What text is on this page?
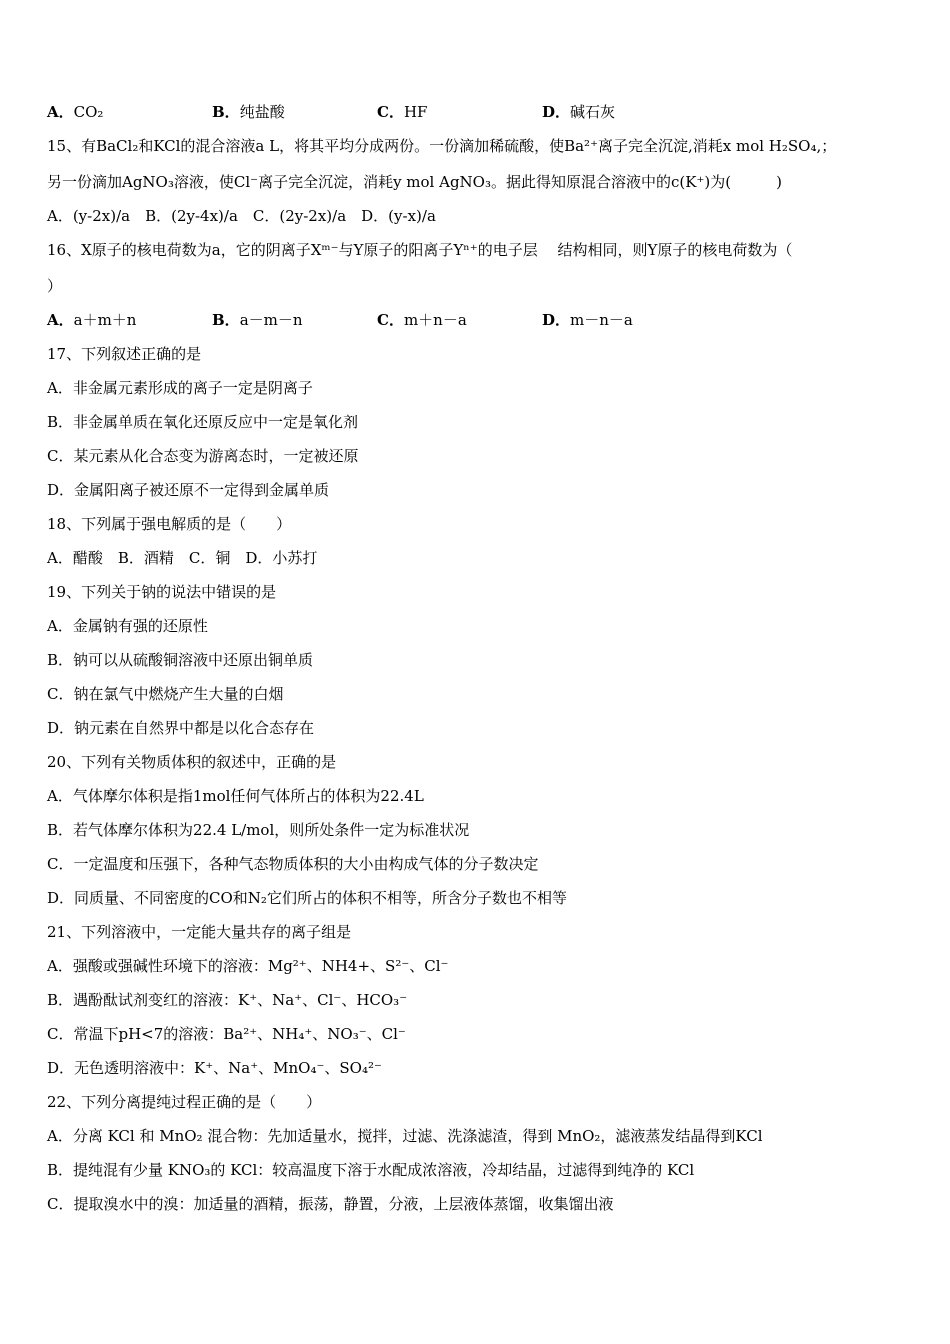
A．CO₂	B．纯盐酸	C．HF	D．碱石灰
15、有BaCl₂和KCl的混合溶液a L，将其平均分成两份。一份滴加稀硫酸，使Ba²⁺离子完全沉淀,消耗x mol H₂SO₄,；
另一份滴加AgNO₃溶液，使Cl⁻离子完全沉淀，消耗y mol AgNO₃。据此得知原混合溶液中的c(K⁺)为(　　　)
A．(y-2x)/a　B．(2y-4x)/a　C．(2y-2x)/a　D．(y-x)/a
16、X原子的核电荷数为a，它的阴离子Xᵐ⁻与Y原子的阳离子Yⁿ⁺的电子层　 结构相同，则Y原子的核电荷数为（
）
A．a＋m＋n	B．a－m－n	C．m＋n－a	D．m－n－a
17、下列叙述正确的是
A．非金属元素形成的离子一定是阴离子
B．非金属单质在氧化还原反应中一定是氧化剂
C．某元素从化合态变为游离态时，一定被还原
D．金属阳离子被还原不一定得到金属单质
18、下列属于强电解质的是（　　）
A．醋酸　B．酒精　C．铜　D．小苏打
19、下列关于钠的说法中错误的是
A．金属钠有强的还原性
B．钠可以从硫酸铜溶液中还原出铜单质
C．钠在氯气中燃烧产生大量的白烟
D．钠元素在自然界中都是以化合态存在
20、下列有关物质体积的叙述中，正确的是
A．气体摩尔体积是指1mol任何气体所占的体积为22.4L
B．若气体摩尔体积为22.4 L/mol，则所处条件一定为标准状况
C．一定温度和压强下，各种气态物质体积的大小由构成气体的分子数决定
D．同质量、不同密度的CO和N₂它们所占的体积不相等，所含分子数也不相等
21、下列溶液中，一定能大量共存的离子组是
A．强酸或强碱性环境下的溶液：Mg²⁺、NH4+、S²⁻、Cl⁻
B．遇酚酞试剂变红的溶液：K⁺、Na⁺、Cl⁻、HCO₃⁻
C．常温下pH<7的溶液：Ba²⁺、NH₄⁺、NO₃⁻、Cl⁻
D．无色透明溶液中：K⁺、Na⁺、MnO₄⁻、SO₄²⁻
22、下列分离提纯过程正确的是（　　）
A．分离 KCl 和 MnO₂ 混合物：先加适量水，搅拌，过滤、洗涤滤渣，得到 MnO₂，滤液蒸发结晶得到KCl
B．提纯混有少量 KNO₃的 KCl：较高温度下溶于水配成浓溶液，冷却结晶，过滤得到纯净的 KCl
C．提取溴水中的溴：加适量的酒精，振荡，静置，分液，上层液体蒸馏，收集馏出液
